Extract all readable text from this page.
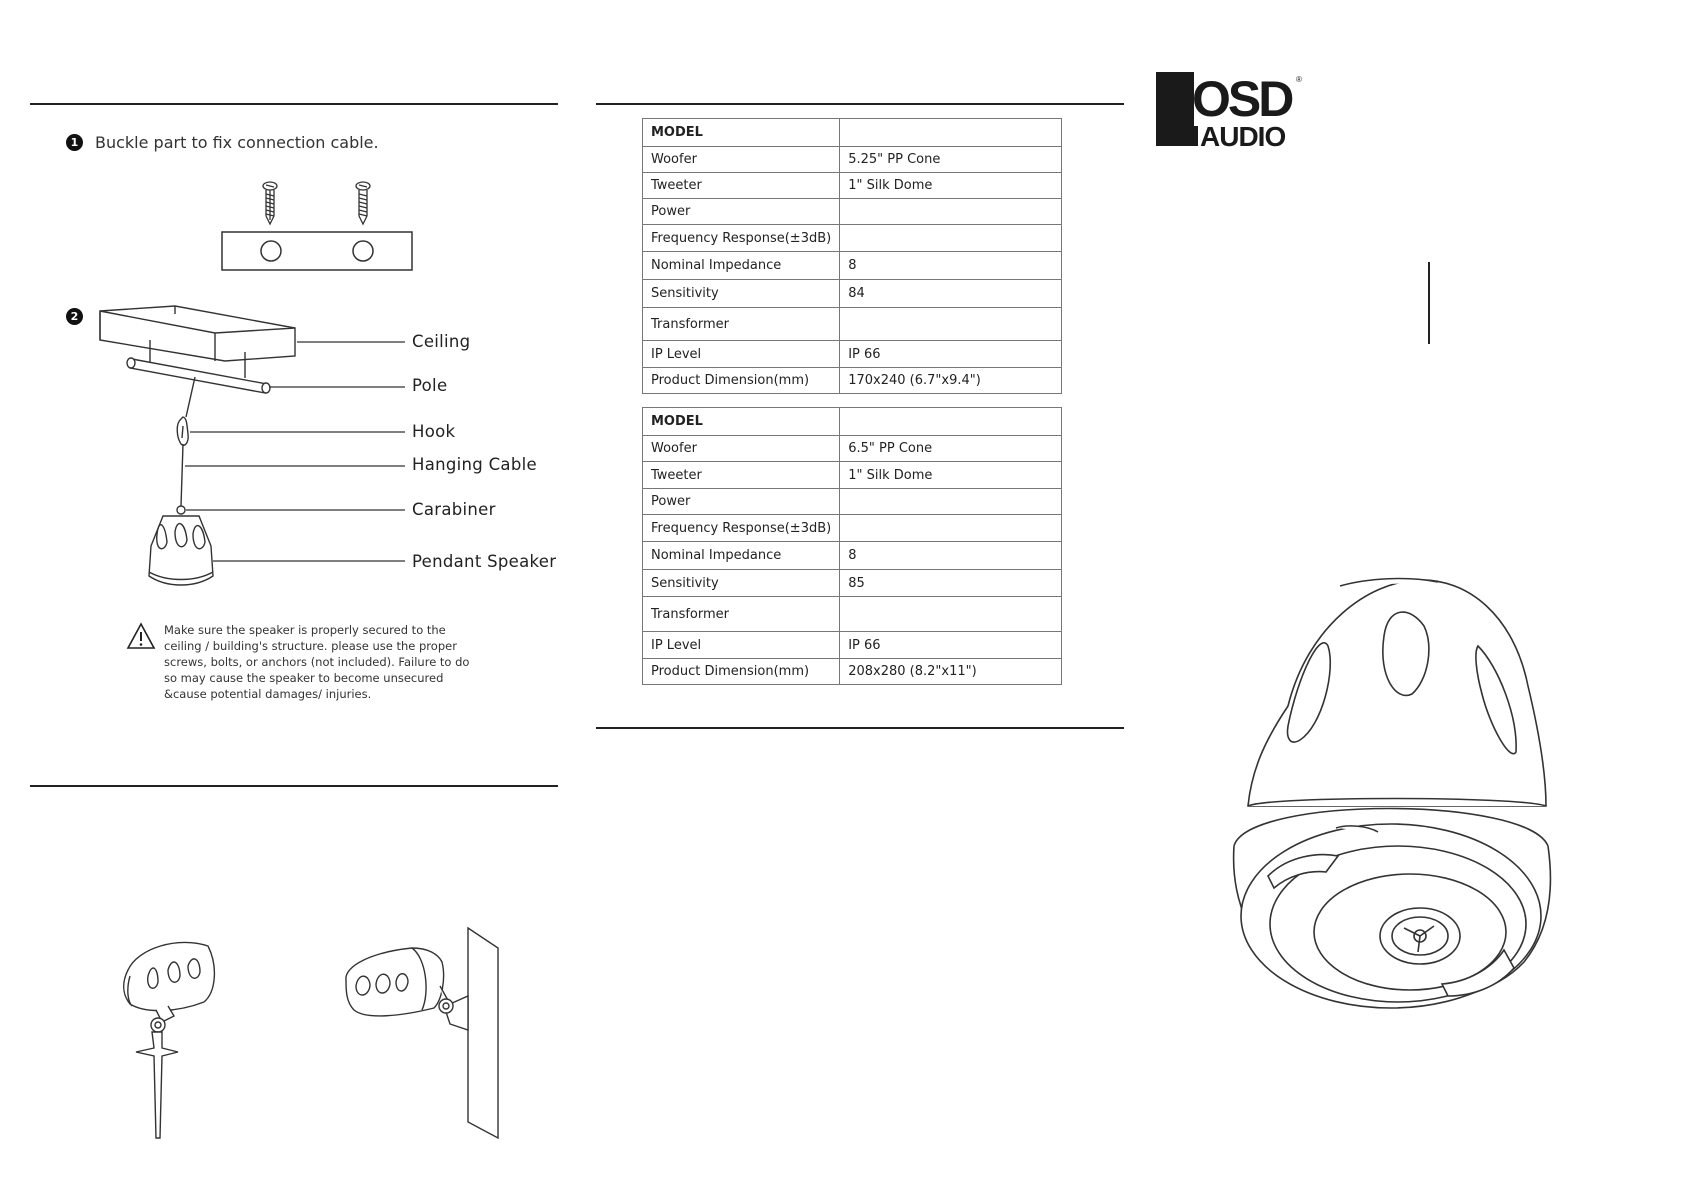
1 Buckle part to fix connection cable.
2
Ceiling
Pole
Hook
Hanging Cable
Carabiner
Pendant Speaker
Make sure the speaker is properly secured to the ceiling / building's structure. please use the proper screws, bolts, or anchors (not included). Failure to do so may cause the speaker to become unsecured &cause potential damages/ injuries.
MODEL	
Woofer	5.25" PP Cone
Tweeter	1" Silk Dome
Power	
Frequency Response(±3dB)	
Nominal Impedance	8
Sensitivity	84
Transformer	
IP Level	IP 66
Product Dimension(mm)	170x240 (6.7"x9.4")
MODEL	
Woofer	6.5" PP Cone
Tweeter	1" Silk Dome
Power	
Frequency Response(±3dB)	
Nominal Impedance	8
Sensitivity	85
Transformer	
IP Level	IP 66
Product Dimension(mm)	208x280 (8.2"x11")
OSD
AUDIO
®
